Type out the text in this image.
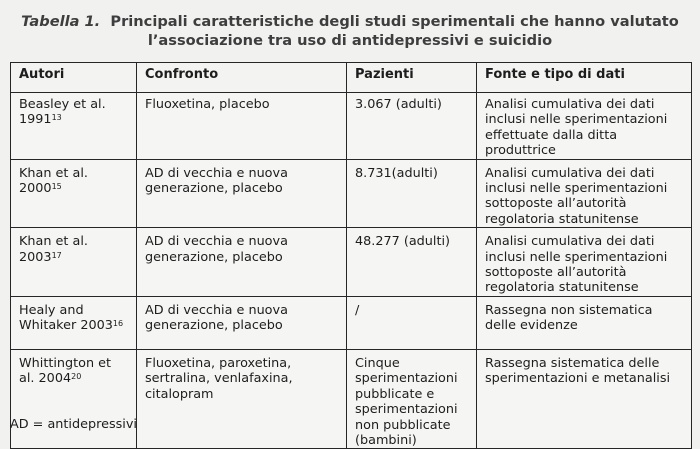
Tabella 1. Principali caratteristiche degli studi sperimentali che hanno valutato
l’associazione tra uso di antidepressivi e suicidio
Autori	Confronto	Pazienti	Fonte e tipo di dati
Beasley et al. 1991$^{13}$	Fluoxetina, placebo	3.067 (adulti)	Analisi cumulativa dei dati inclusi nelle sperimentazioni effettuate dalla ditta produttrice
Khan et al. 2000$^{15}$	AD di vecchia e nuova generazione, placebo	8.731(adulti)	Analisi cumulativa dei dati inclusi nelle sperimentazioni sottoposte all’autorità regolatoria statunitense
Khan et al. 2003$^{17}$	AD di vecchia e nuova generazione, placebo	48.277 (adulti)	Analisi cumulativa dei dati inclusi nelle sperimentazioni sottoposte all’autorità regolatoria statunitense
Healy and Whitaker 2003$^{16}$	AD di vecchia e nuova generazione, placebo	/	Rassegna non sistematica delle evidenze
Whittington et al. 2004$^{20}$	Fluoxetina, paroxetina, sertralina, venlafaxina, citalopram	Cinque sperimentazioni pubblicate e sperimentazioni non pubblicate (bambini)	Rassegna sistematica delle sperimentazioni e metanalisi
AD = antidepressivi
